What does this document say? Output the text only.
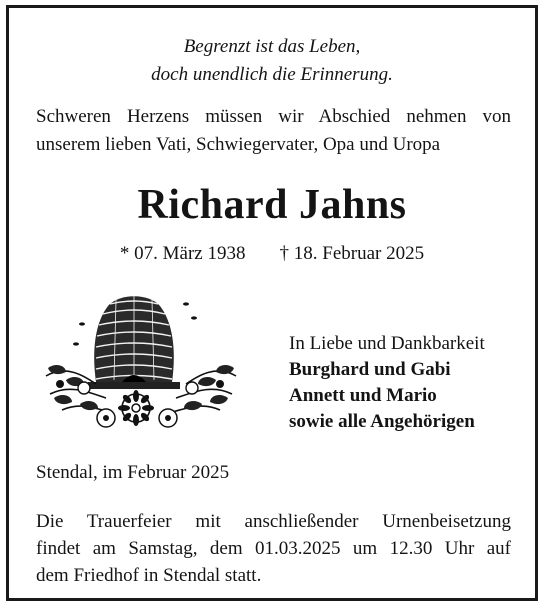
Begrenzt ist das Leben,
doch unendlich die Erinnerung.
Schweren Herzens müssen wir Abschied nehmen von
unserem lieben Vati, Schwiegervater, Opa und Uropa
Richard Jahns
* 07. März 1938 † 18. Februar 2025
In Liebe und Dankbarkeit
Burghard und Gabi
Annett und Mario
sowie alle Angehörigen
Stendal, im Februar 2025
Die Trauerfeier mit anschließender Urnenbeisetzung
findet am Samstag, dem 01.03.2025 um 12.30 Uhr auf
dem Friedhof in Stendal statt.
